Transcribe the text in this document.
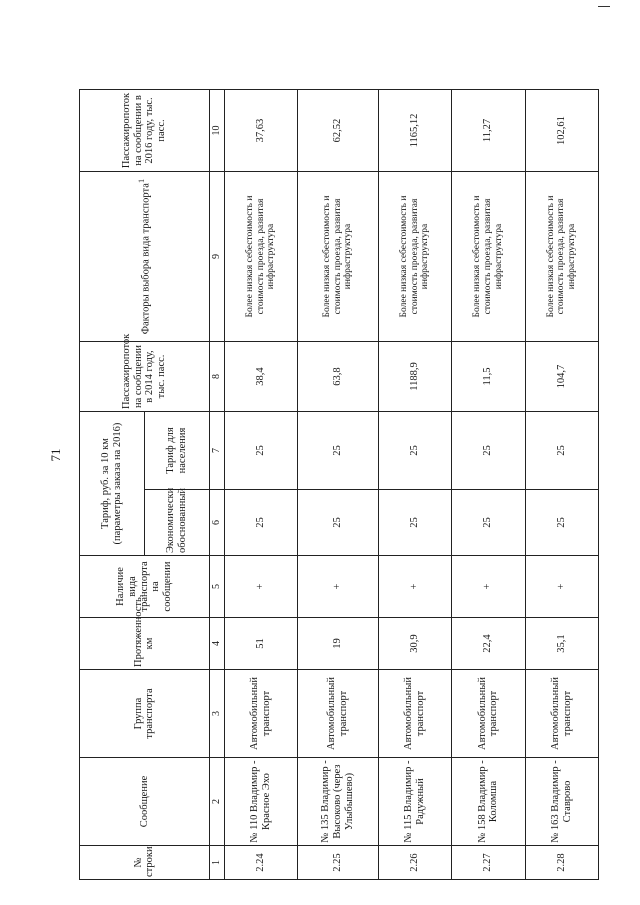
71
№ строки	Сообщение	Группа транспорта	Протяженность, км	Наличие вида транспорта на сообщении	Тариф, руб. за 10 км (параметры заказа на 2016)		Пассажиропоток на сообщении в 2014 году, тыс. пасс.	Факторы выбора вида транспорта$^1$	Пассажиропоток на сообщении в 2016 году, тыс. пасс.
					Экономически обоснованный	Тариф для населения			
1	2	3	4	5	6	7	8	9	10
2.24	№ 110 Владимир - Красное Эхо	Автомобильный транспорт	51	+	25	25	38,4	Более низкая себестоимость и стоимость проезда, развитая инфраструктура	37,63
2.25	№ 135 Владимир - Высоково (через Улыбышево)	Автомобильный транспорт	19	+	25	25	63,8	Более низкая себестоимость и стоимость проезда, развитая инфраструктура	62,52
2.26	№ 115 Владимир - Радужный	Автомобильный транспорт	30,9	+	25	25	1188,9	Более низкая себестоимость и стоимость проезда, развитая инфраструктура	1165,12
2.27	№ 158 Владимир - Коломша	Автомобильный транспорт	22,4	+	25	25	11,5	Более низкая себестоимость и стоимость проезда, развитая инфраструктура	11,27
2.28	№ 163 Владимир - Ставрово	Автомобильный транспорт	35,1	+	25	25	104,7	Более низкая себестоимость и стоимость проезда, развитая инфраструктура	102,61
